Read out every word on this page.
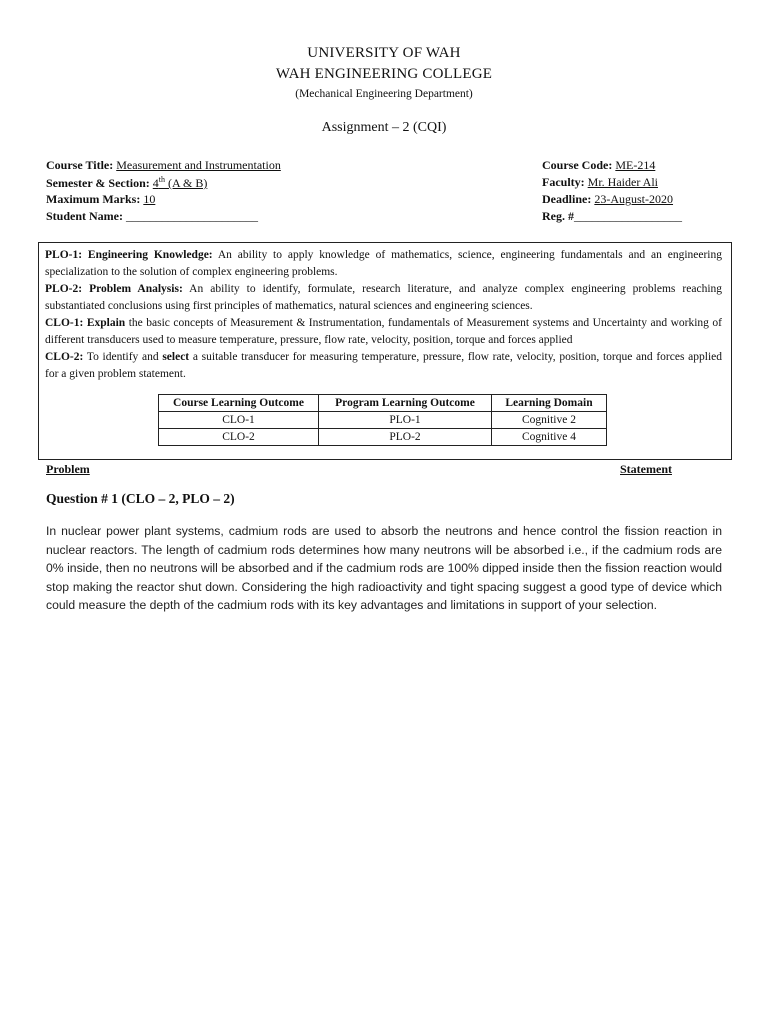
UNIVERSITY OF WAH
WAH ENGINEERING COLLEGE
(Mechanical Engineering Department)
Assignment – 2 (CQI)
Course Title: Measurement and Instrumentation
Semester & Section: 4th (A & B)
Maximum Marks: 10
Student Name: ______________________
Course Code: ME-214
Faculty: Mr. Haider Ali
Deadline: 23-August-2020
Reg. #__________________
PLO-1: Engineering Knowledge: An ability to apply knowledge of mathematics, science, engineering fundamentals and an engineering specialization to the solution of complex engineering problems.
PLO-2: Problem Analysis: An ability to identify, formulate, research literature, and analyze complex engineering problems reaching substantiated conclusions using first principles of mathematics, natural sciences and engineering sciences.
CLO-1: Explain the basic concepts of Measurement & Instrumentation, fundamentals of Measurement systems and Uncertainty and working of different transducers used to measure temperature, pressure, flow rate, velocity, position, torque and forces applied
CLO-2: To identify and select a suitable transducer for measuring temperature, pressure, flow rate, velocity, position, torque and forces applied for a given problem statement.
Course Learning Outcome	Program Learning Outcome	Learning Domain
CLO-1	PLO-1	Cognitive 2
CLO-2	PLO-2	Cognitive 4
Problem	Statement
Question # 1 (CLO – 2, PLO – 2)
In nuclear power plant systems, cadmium rods are used to absorb the neutrons and hence control the fission reaction in nuclear reactors. The length of cadmium rods determines how many neutrons will be absorbed i.e., if the cadmium rods are 0% inside, then no neutrons will be absorbed and if the cadmium rods are 100% dipped inside then the fission reaction would stop making the reactor shut down. Considering the high radioactivity and tight spacing suggest a good type of device which could measure the depth of the cadmium rods with its key advantages and limitations in support of your selection.
